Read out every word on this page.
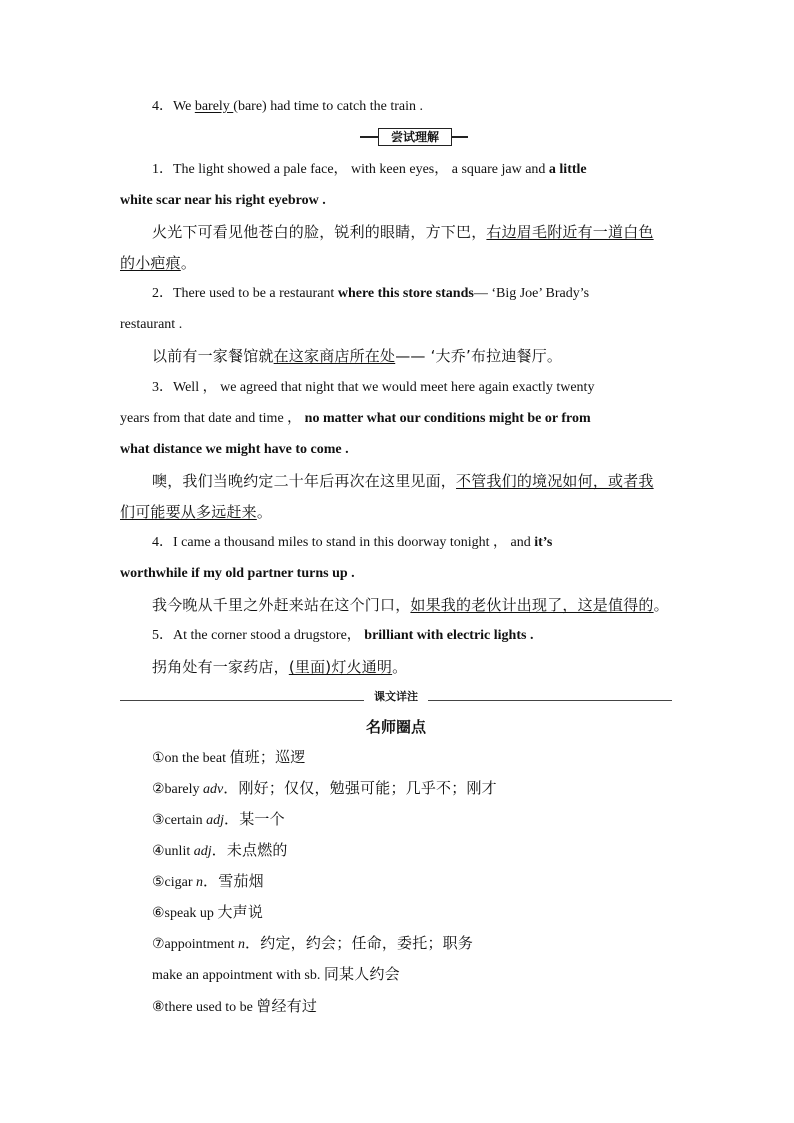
4．We barely (bare) had time to catch the train .
尝试理解
1．The light showed a pale face， with keen eyes， a square jaw and a little
white scar near his right eyebrow .
火光下可看见他苍白的脸，锐利的眼睛，方下巴，右边眉毛附近有一道白色
的小疤痕。
2．There used to be a restaurant where this store stands— ‘Big Joe’ Brady’s
restaurant .
以前有一家餐馆就在这家商店所在处—— ‘大乔’布拉迪餐厅。
3．Well ， we agreed that night that we would meet here again exactly twenty
years from that date and time ， no matter what our conditions might be or from
what distance we might have to come .
噢，我们当晚约定二十年后再次在这里见面，不管我们的境况如何，或者我
们可能要从多远赶来。
4．I came a thousand miles to stand in this doorway tonight ， and it’s
worthwhile if my old partner turns up .
我今晚从千里之外赶来站在这个门口，如果我的老伙计出现了，这是值得的。
5．At the corner stood a drugstore， brilliant with electric lights .
拐角处有一家药店，(里面)灯火通明。
课文详注
名师圈点
①on the beat 值班；巡逻
②barely adv．刚好；仅仅，勉强可能；几乎不；刚才
③certain adj．某一个
④unlit adj．未点燃的
⑤cigar n．雪茄烟
⑥speak up 大声说
⑦appointment n．约定，约会；任命，委托；职务
make an appointment with sb. 同某人约会
⑧there used to be 曾经有过
